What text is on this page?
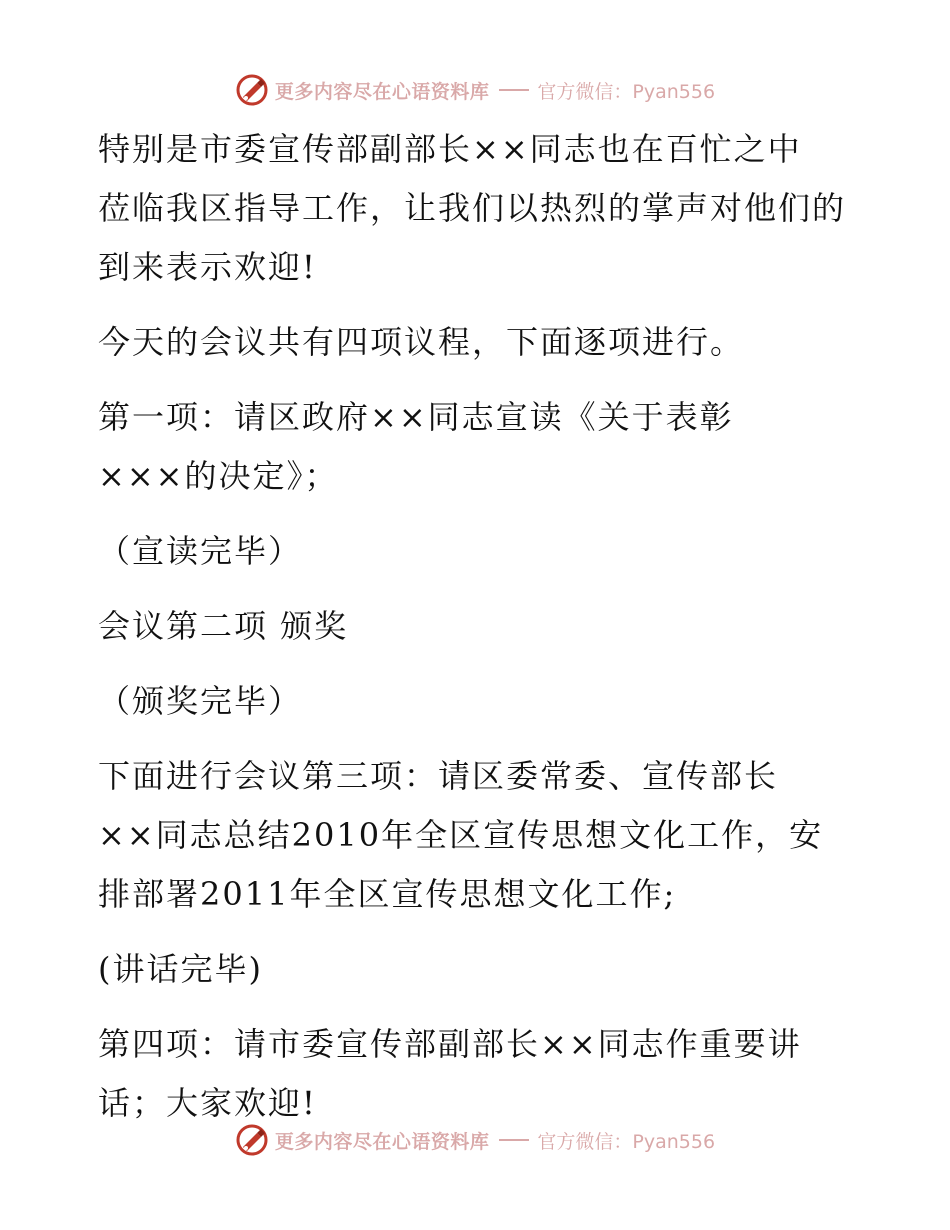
更多内容尽在心语资料库	官方微信：Pyan556
特别是市委宣传部副部长××同志也在百忙之中
莅临我区指导工作，让我们以热烈的掌声对他们的
到来表示欢迎!
今天的会议共有四项议程，下面逐项进行。
第一项：请区政府××同志宣读《关于表彰
×××的决定》；
（宣读完毕）
会议第二项 颁奖
（颁奖完毕）
下面进行会议第三项：请区委常委、宣传部长
××同志总结2010年全区宣传思想文化工作，安
排部署2011年全区宣传思想文化工作;
(讲话完毕)
第四项：请市委宣传部副部长××同志作重要讲
话；大家欢迎!
更多内容尽在心语资料库	官方微信：Pyan556
